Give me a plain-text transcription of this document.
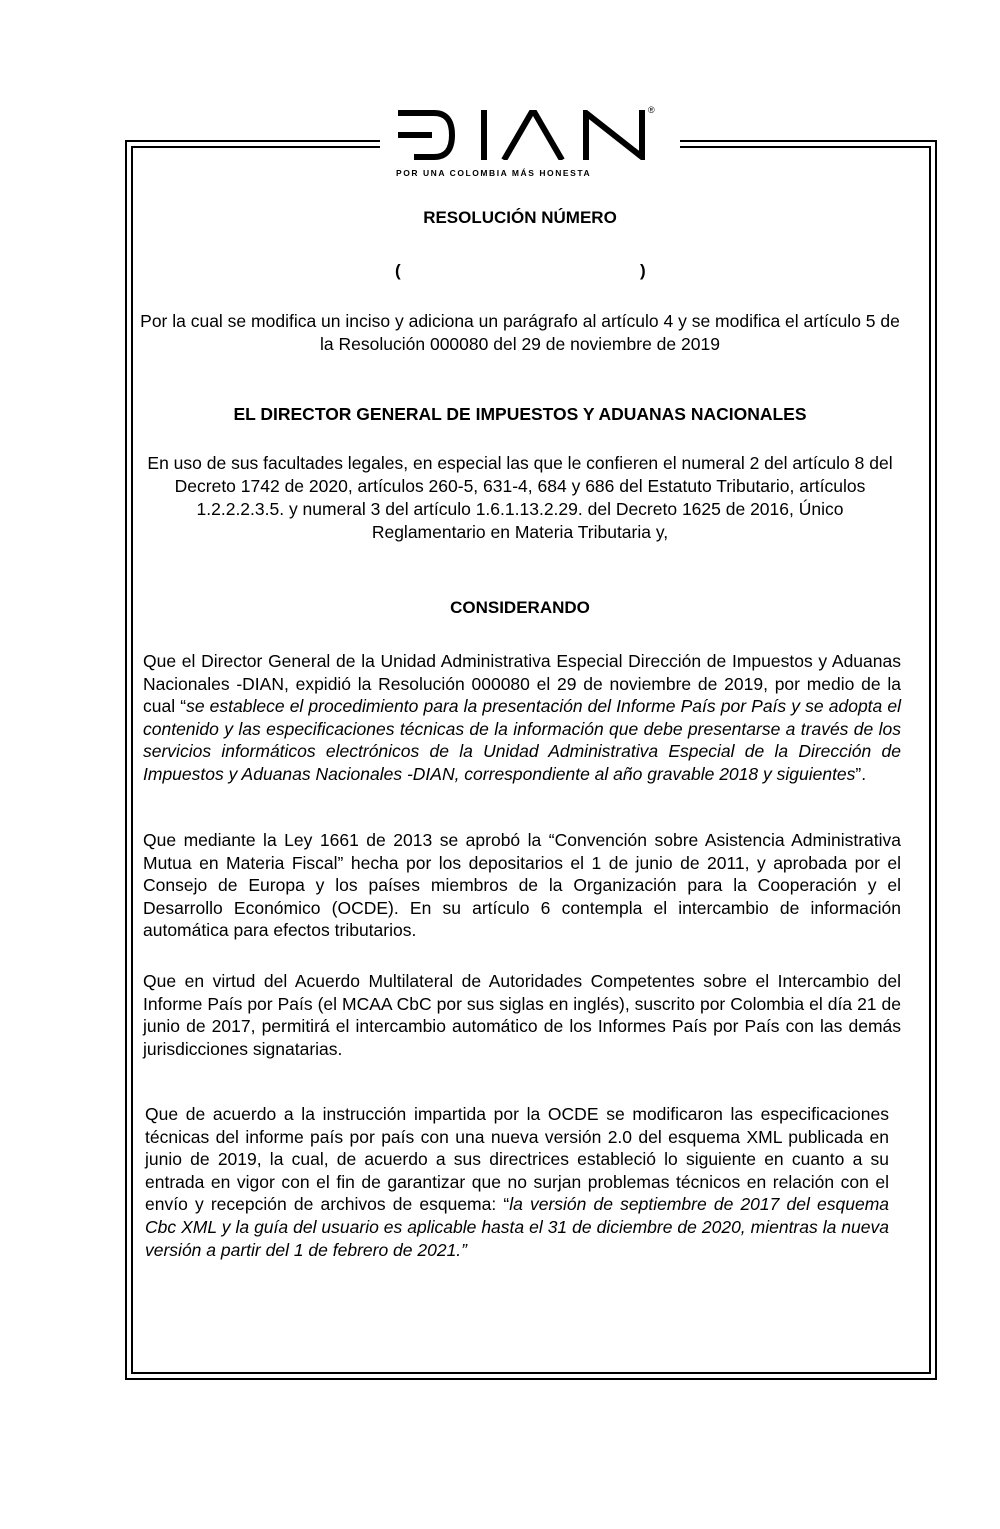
®
POR UNA COLOMBIA MÁS HONESTA
RESOLUCIÓN NÚMERO
(	)
Por la cual se modifica un inciso y adiciona un parágrafo al artículo 4 y se modifica el artículo 5 de la Resolución 000080 del 29 de noviembre de 2019
EL DIRECTOR GENERAL DE IMPUESTOS Y ADUANAS NACIONALES
En uso de sus facultades legales, en especial las que le confieren el numeral 2 del artículo 8 del Decreto 1742 de 2020, artículos 260-5, 631-4, 684 y 686 del Estatuto Tributario, artículos 1.2.2.2.3.5. y numeral 3 del artículo 1.6.1.13.2.29. del Decreto 1625 de 2016, Único Reglamentario en Materia Tributaria y,
CONSIDERANDO
Que el Director General de la Unidad Administrativa Especial Dirección de Impuestos y Aduanas Nacionales -DIAN, expidió la Resolución 000080 el 29 de noviembre de 2019, por medio de la cual “se establece el procedimiento para la presentación del Informe País por País y se adopta el contenido y las especificaciones técnicas de la información que debe presentarse a través de los servicios informáticos electrónicos de la Unidad Administrativa Especial de la Dirección de Impuestos y Aduanas Nacionales -DIAN, correspondiente al año gravable 2018 y siguientes”.
Que mediante la Ley 1661 de 2013 se aprobó la “Convención sobre Asistencia Administrativa Mutua en Materia Fiscal” hecha por los depositarios el 1 de junio de 2011, y aprobada por el Consejo de Europa y los países miembros de la Organización para la Cooperación y el Desarrollo Económico (OCDE). En su artículo 6 contempla el intercambio de información automática para efectos tributarios.
Que en virtud del Acuerdo Multilateral de Autoridades Competentes sobre el Intercambio del Informe País por País (el MCAA CbC por sus siglas en inglés), suscrito por Colombia el día 21 de junio de 2017, permitirá el intercambio automático de los Informes País por País con las demás jurisdicciones signatarias.
Que de acuerdo a la instrucción impartida por la OCDE se modificaron las especificaciones técnicas del informe país por país con una nueva versión 2.0 del esquema XML publicada en junio de 2019, la cual, de acuerdo a sus directrices estableció lo siguiente en cuanto a su entrada en vigor con el fin de garantizar que no surjan problemas técnicos en relación con el envío y recepción de archivos de esquema: “la versión de septiembre de 2017 del esquema Cbc XML y la guía del usuario es aplicable hasta el 31 de diciembre de 2020, mientras la nueva versión a partir del 1 de febrero de 2021.”
